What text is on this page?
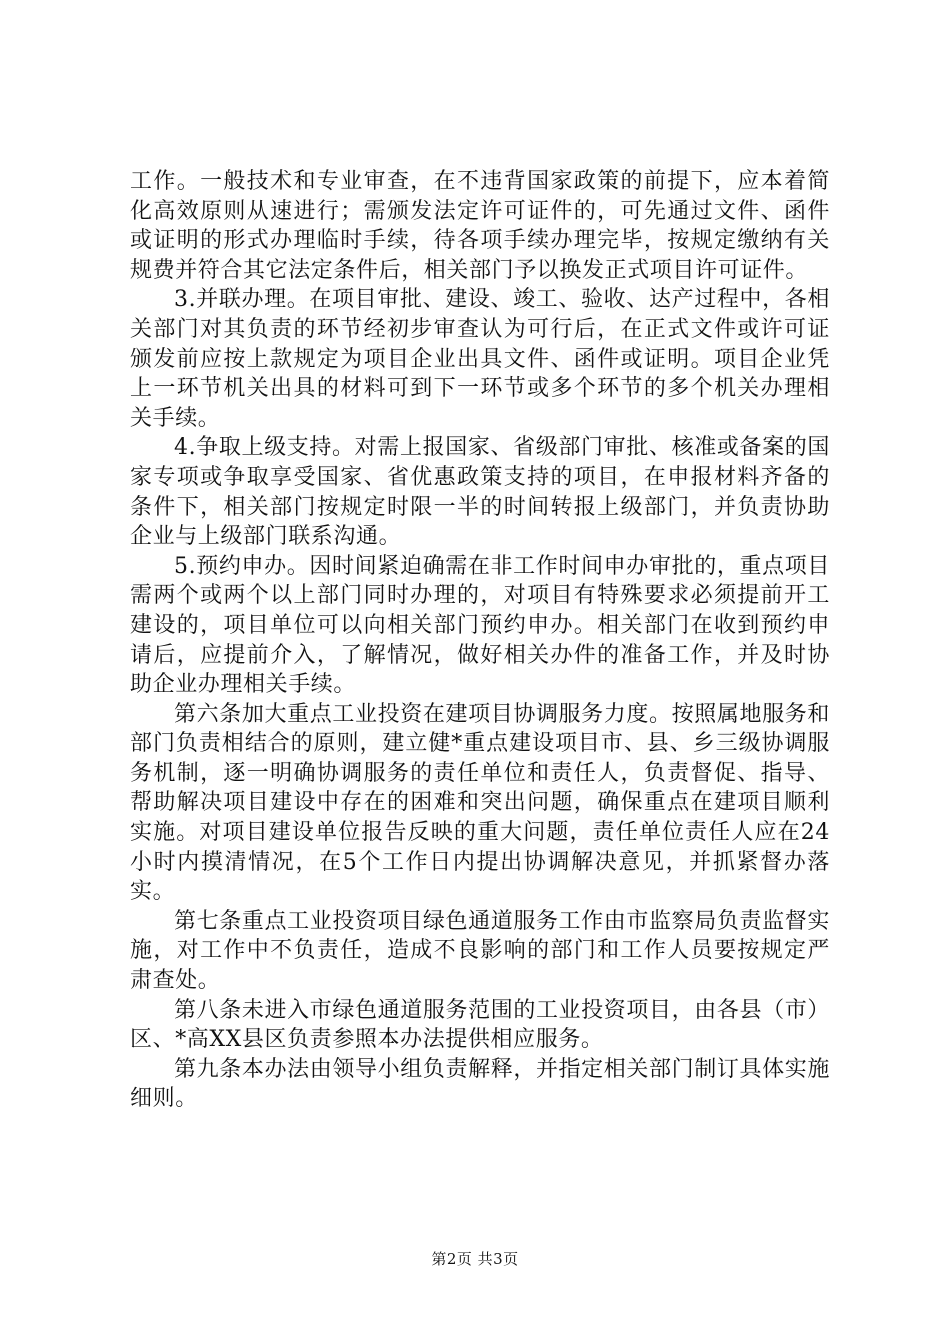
工作。一般技术和专业审查，在不违背国家政策的前提下，应本着简化高效原则从速进行；需颁发法定许可证件的，可先通过文件、函件或证明的形式办理临时手续，待各项手续办理完毕，按规定缴纳有关规费并符合其它法定条件后，相关部门予以换发正式项目许可证件。

3.并联办理。在项目审批、建设、竣工、验收、达产过程中，各相关部门对其负责的环节经初步审查认为可行后，在正式文件或许可证颁发前应按上款规定为项目企业出具文件、函件或证明。项目企业凭上一环节机关出具的材料可到下一环节或多个环节的多个机关办理相关手续。

4.争取上级支持。对需上报国家、省级部门审批、核准或备案的国家专项或争取享受国家、省优惠政策支持的项目，在申报材料齐备的条件下，相关部门按规定时限一半的时间转报上级部门，并负责协助企业与上级部门联系沟通。

5.预约申办。因时间紧迫确需在非工作时间申办审批的，重点项目需两个或两个以上部门同时办理的，对项目有特殊要求必须提前开工建设的，项目单位可以向相关部门预约申办。相关部门在收到预约申请后，应提前介入，了解情况，做好相关办件的准备工作，并及时协助企业办理相关手续。

第六条加大重点工业投资在建项目协调服务力度。按照属地服务和部门负责相结合的原则，建立健*重点建设项目市、县、乡三级协调服务机制，逐一明确协调服务的责任单位和责任人，负责督促、指导、帮助解决项目建设中存在的困难和突出问题，确保重点在建项目顺利实施。对项目建设单位报告反映的重大问题，责任单位责任人应在24小时内摸清情况，在5个工作日内提出协调解决意见，并抓紧督办落实。

第七条重点工业投资项目绿色通道服务工作由市监察局负责监督实施，对工作中不负责任，造成不良影响的部门和工作人员要按规定严肃查处。

第八条未进入市绿色通道服务范围的工业投资项目，由各县（市）区、*高XX县区负责参照本办法提供相应服务。

第九条本办法由领导小组负责解释，并指定相关部门制订具体实施细则。

第2页 共3页
